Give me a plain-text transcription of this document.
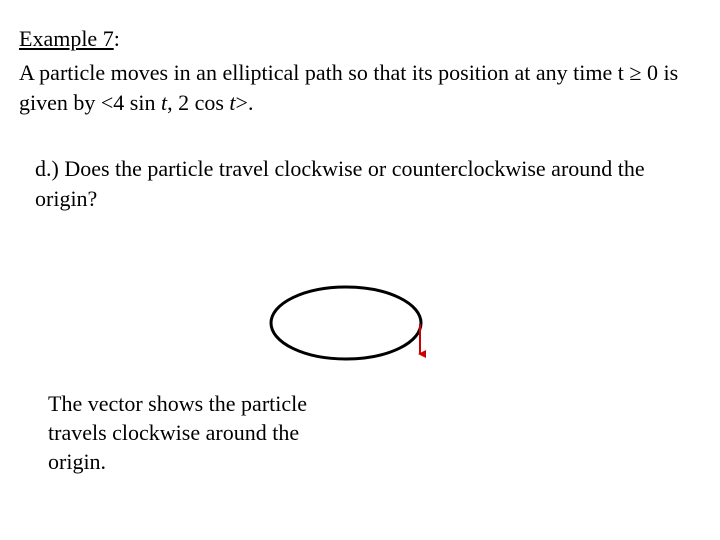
Example 7:
A particle moves in an elliptical path so that its position at any time t ≥ 0 is given by <4 sin t, 2 cos t>.
d.) Does the particle travel clockwise or counterclockwise around the origin?
The vector shows the particle travels clockwise around the origin.
